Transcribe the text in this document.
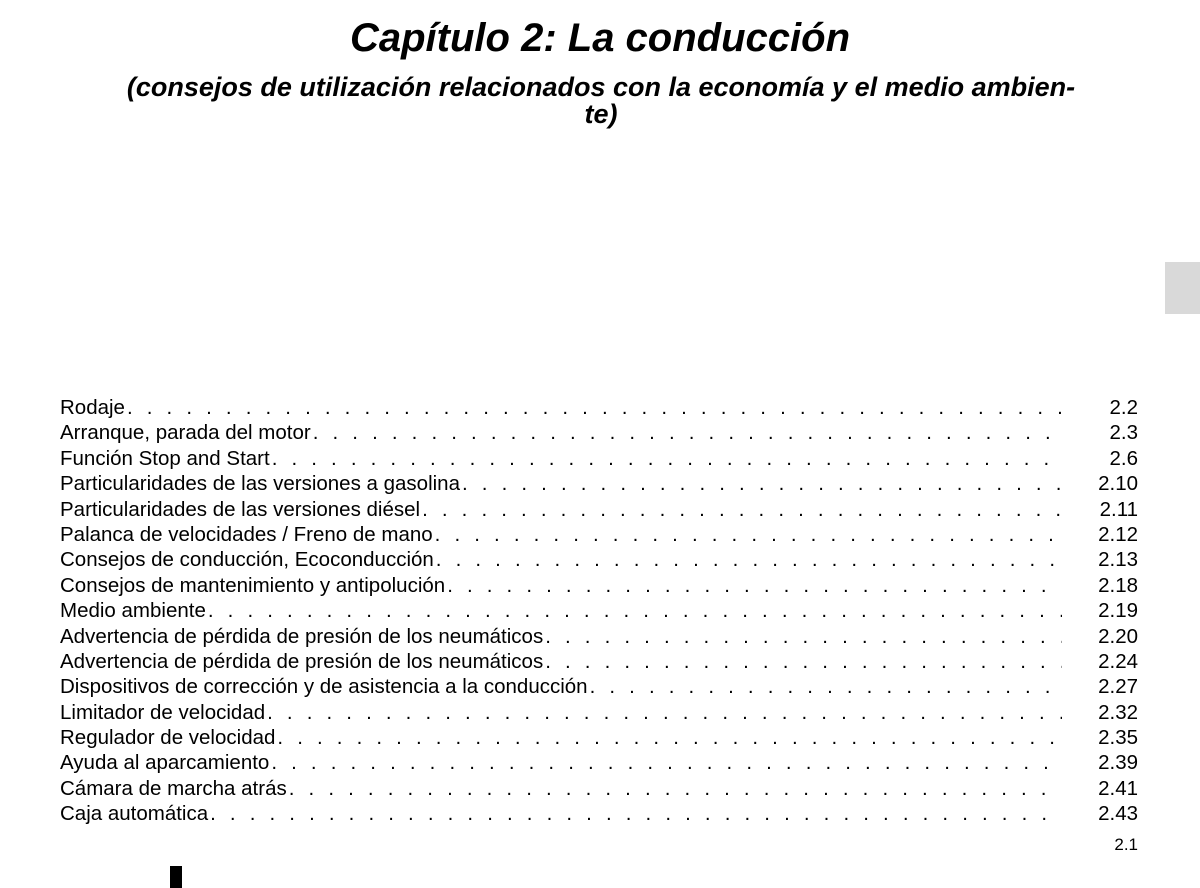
Capítulo 2: La conducción
(consejos de utilización relacionados con la economía y el medio ambien-
te)
Rodaje . . .	2.2
Arranque, parada del motor . . .	2.3
Función Stop and Start . . .	2.6
Particularidades de las versiones a gasolina . . .	2.10
Particularidades de las versiones diésel . . .	2.11
Palanca de velocidades / Freno de mano . . .	2.12
Consejos de conducción, Ecoconducción . . .	2.13
Consejos de mantenimiento y antipolución . . .	2.18
Medio ambiente . . .	2.19
Advertencia de pérdida de presión de los neumáticos . . .	2.20
Advertencia de pérdida de presión de los neumáticos . . .	2.24
Dispositivos de corrección y de asistencia a la conducción . . .	2.27
Limitador de velocidad . . .	2.32
Regulador de velocidad . . .	2.35
Ayuda al aparcamiento . . .	2.39
Cámara de marcha atrás . . .	2.41
Caja automática . . .	2.43
2.1
